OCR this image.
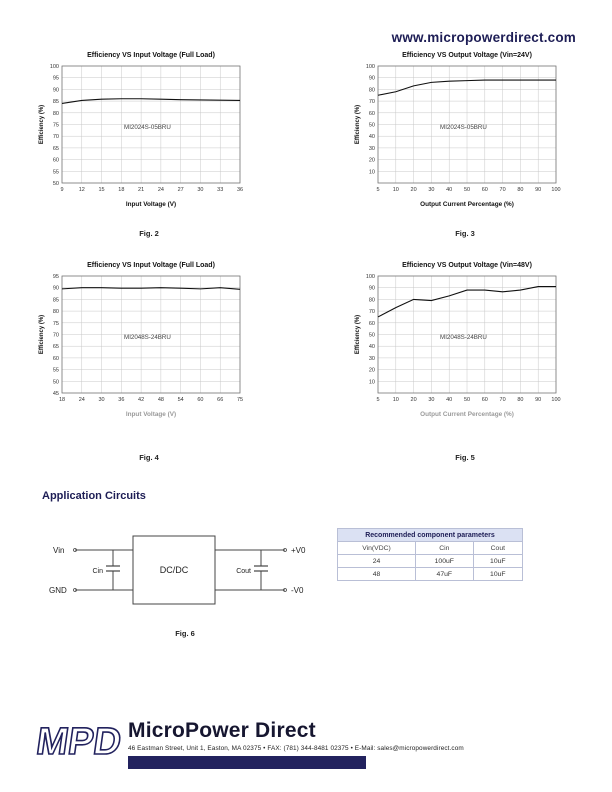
www.micropowerdirect.com
Efficiency VS Input Voltage (Full Load)
9	12 15 18 21 24 27 30 33 36
50
55
60
65
70
75
80
85
90
95
100
MI2024S-05BRU
Efficiency (%)
Input Voltage (V)
Fig. 2
Efficiency VS Output Voltage (Vin=24V)
5 10 20 30 40 50 60 70 80 90 100
10
20
30
40
50
60
70
80
90
100
MI2024S-05BRU
Efficiency (%)
Output Current Percentage (%)
Fig. 3
Efficiency VS Input Voltage (Full Load)
18 24 30 36 42 48 54 60 66 75
45
50
55
60
65
70
75
80
85
90
95
MI2048S-24BRU
Efficiency (%)
Input Voltage (V)
Fig. 4
Efficiency VS Output Voltage (Vin=48V)
5 10 20 30 40 50 60 70 80 90 100
10
20
30
40
50
60
70
80
90
100
MI2048S-24BRU
Efficiency (%)
Output Current Percentage (%)
Fig. 5
Application Circuits
Vin
GND
Cin	DC/DC	Cout
+V0
-V0
Fig. 6
Recommended component parameters		
Vin(VDC)	Cin	Cout
24	100uF	10uF
48	47uF	10uF
MPD MicroPower Direct
46 Eastman Street, Unit 1, Easton, MA 02375 • FAX: (781) 344-8481 02375 • E-Mail: sales@micropowerdirect.com
